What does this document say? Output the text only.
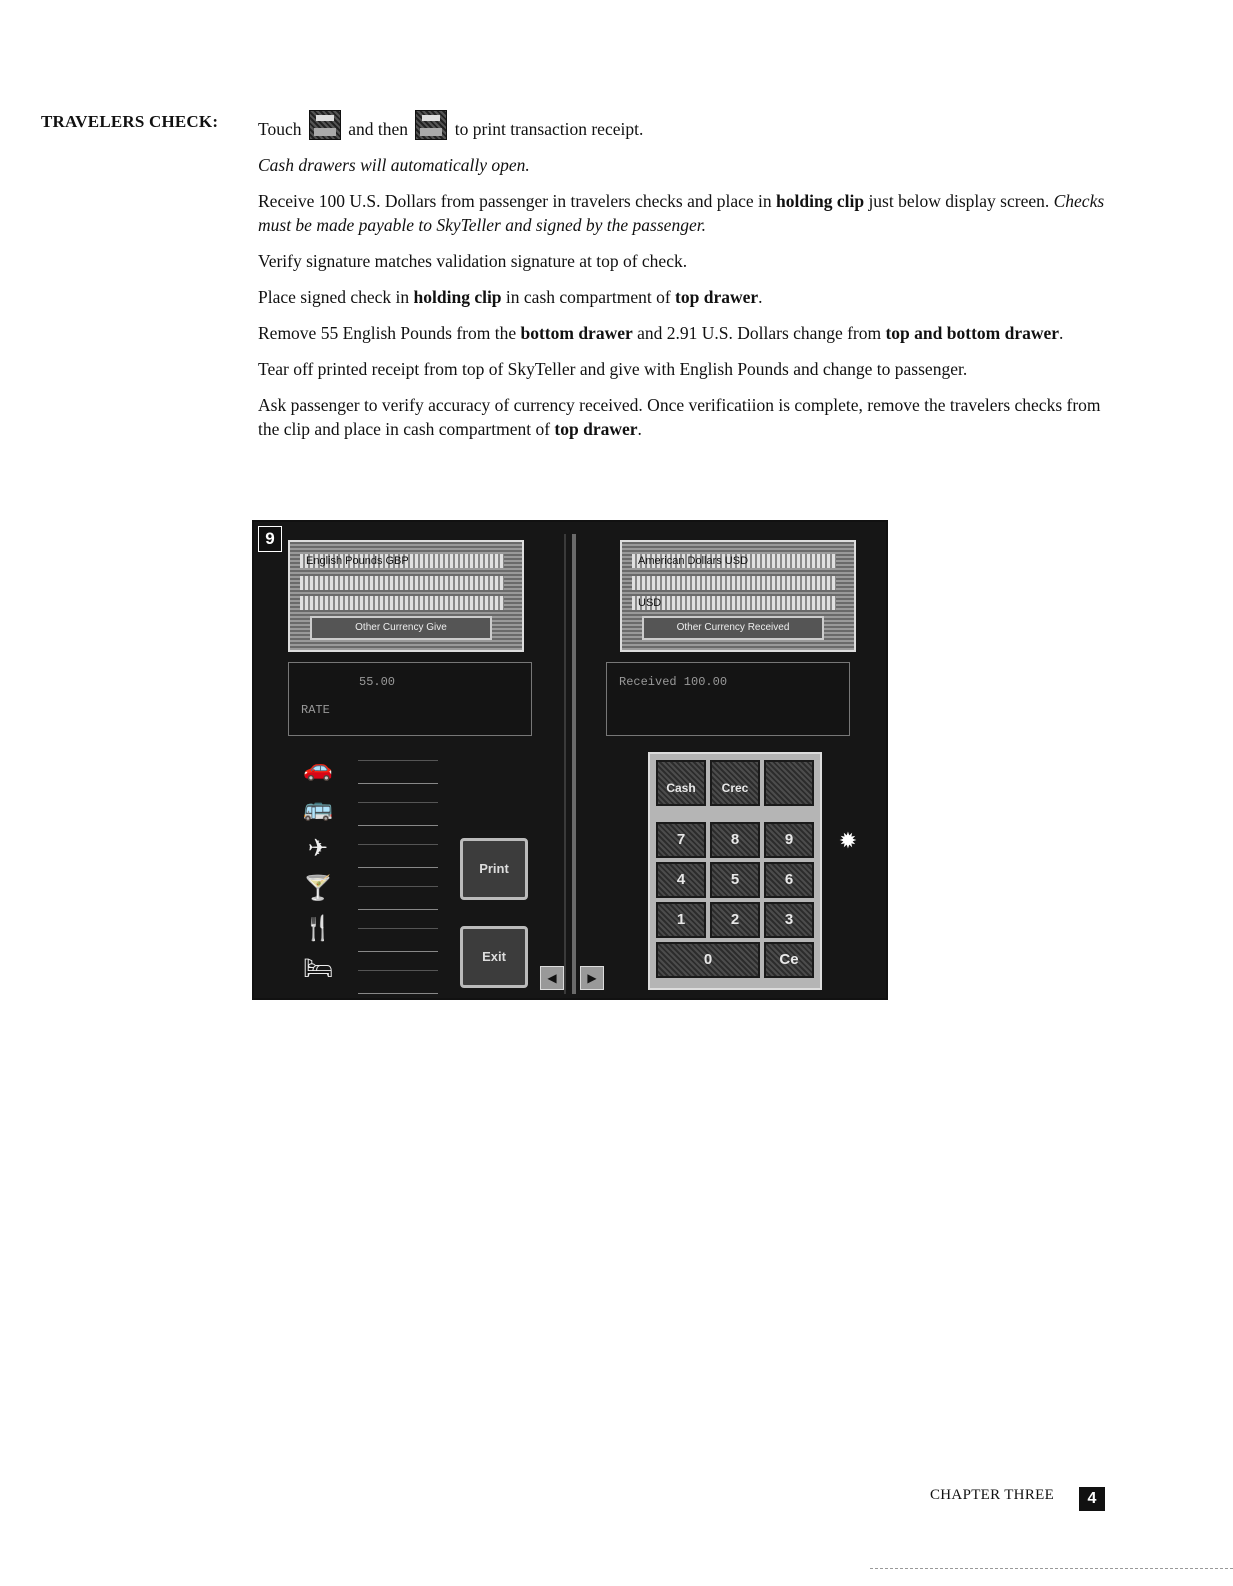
TRAVELERS CHECK: Touch	and then	to print transaction receipt.

Cash drawers will automatically open.

Receive 100 U.S. Dollars from passenger in travelers checks and place in holding clip just below display screen. Checks must be made payable to SkyTeller and signed by the passenger.

Verify signature matches validation signature at top of check.

Place signed check in holding clip in cash compartment of top drawer.

Remove 55 English Pounds from the bottom drawer and 2.91 U.S. Dollars change from top and bottom drawer.

Tear off printed receipt from top of SkyTeller and give with English Pounds and change to passenger.

Ask passenger to verify accuracy of currency received. Once verificatiion is complete, remove the travelers checks from the clip and place in cash compartment of top drawer.

9
English Pounds GBP
Other Currency Give
American Dollars USD
USD
Other Currency Received
55.00
RATE
Received 100.00
🚗
🚌
✈
🍸
🍴
🛏
Print
Exit
◀	▶
Cash	Crec
7	8	9
4	5	6
1	2	3
0	Ce
✹
CHAPTER THREE	4
